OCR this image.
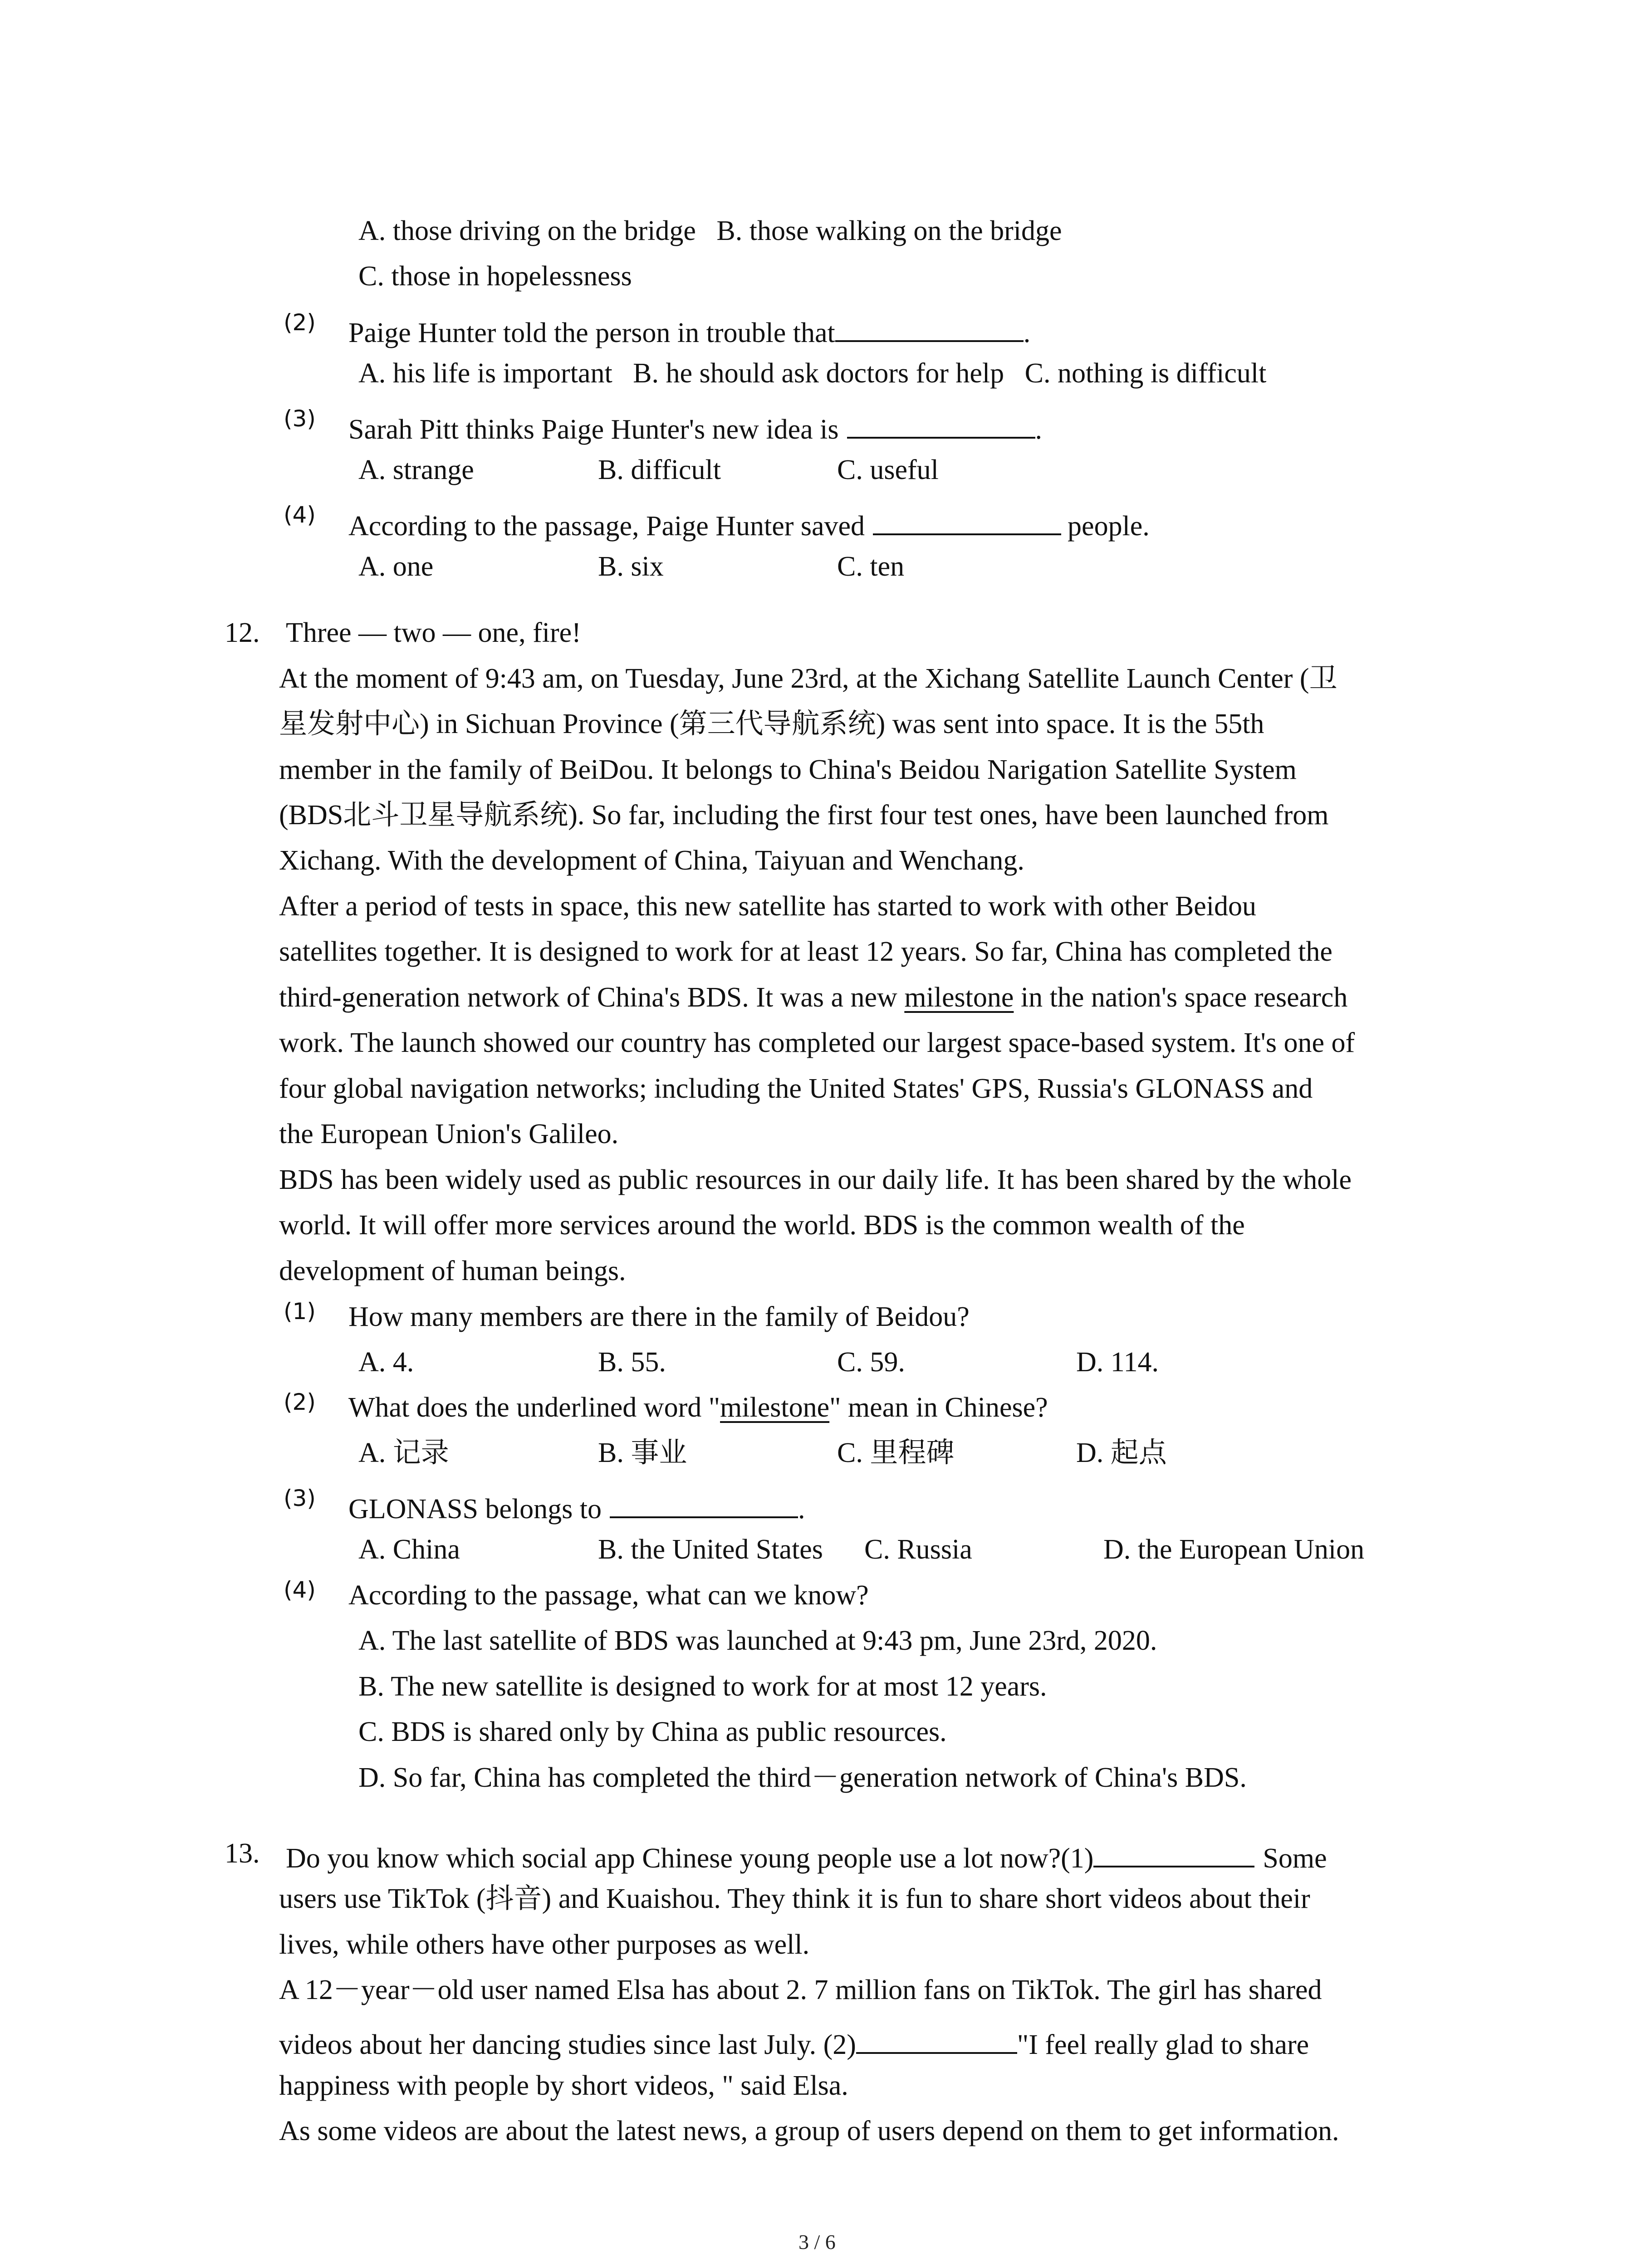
A. those driving on the bridge B. those walking on the bridge
C. those in hopelessness
(2) Paige Hunter told the person in trouble that	.
A. his life is important B. he should ask doctors for help C. nothing is difficult
(3) Sarah Pitt thinks Paige Hunter's new idea is	.
A. strange	B. difficult	C. useful
(4) According to the passage, Paige Hunter saved	people.
A. one	B. six	C. ten
12. Three — two — one, fire!
At the moment of 9:43 am, on Tuesday, June 23rd, at the Xichang Satellite Launch Center (卫
星发射中心) in Sichuan Province (第三代导航系统) was sent into space. It is the 55th
member in the family of BeiDou. It belongs to China's Beidou Narigation Satellite System
(BDS北斗卫星导航系统). So far, including the first four test ones, have been launched from
Xichang. With the development of China, Taiyuan and Wenchang.
After a period of tests in space, this new satellite has started to work with other Beidou
satellites together. It is designed to work for at least 12 years. So far, China has completed the
third-generation network of China's BDS. It was a new milestone in the nation's space research
work. The launch showed our country has completed our largest space-based system. It's one of
four global navigation networks; including the United States' GPS, Russia's GLONASS and
the European Union's Galileo.
BDS has been widely used as public resources in our daily life. It has been shared by the whole
world. It will offer more services around the world. BDS is the common wealth of the
development of human beings.
(1) How many members are there in the family of Beidou?
A. 4.	B. 55.	C. 59.	D. 114.
(2) What does the underlined word "milestone" mean in Chinese?
A. 记录	B. 事业	C. 里程碑	D. 起点
(3) GLONASS belongs to	.
A. China	B. the United States C. Russia	D. the European Union
(4) According to the passage, what can we know?
A. The last satellite of BDS was launched at 9:43 pm, June 23rd, 2020.
B. The new satellite is designed to work for at most 12 years.
C. BDS is shared only by China as public resources.
D. So far, China has completed the third－generation network of China's BDS.
13. Do you know which social app Chinese young people use a lot now?(1)	Some
users use TikTok (抖音) and Kuaishou. They think it is fun to share short videos about their
lives, while others have other purposes as well.
A 12－year－old user named Elsa has about 2. 7 million fans on TikTok. The girl has shared
videos about her dancing studies since last July. (2)	"I feel really glad to share
happiness with people by short videos, " said Elsa.
As some videos are about the latest news, a group of users depend on them to get information.
3 / 6
